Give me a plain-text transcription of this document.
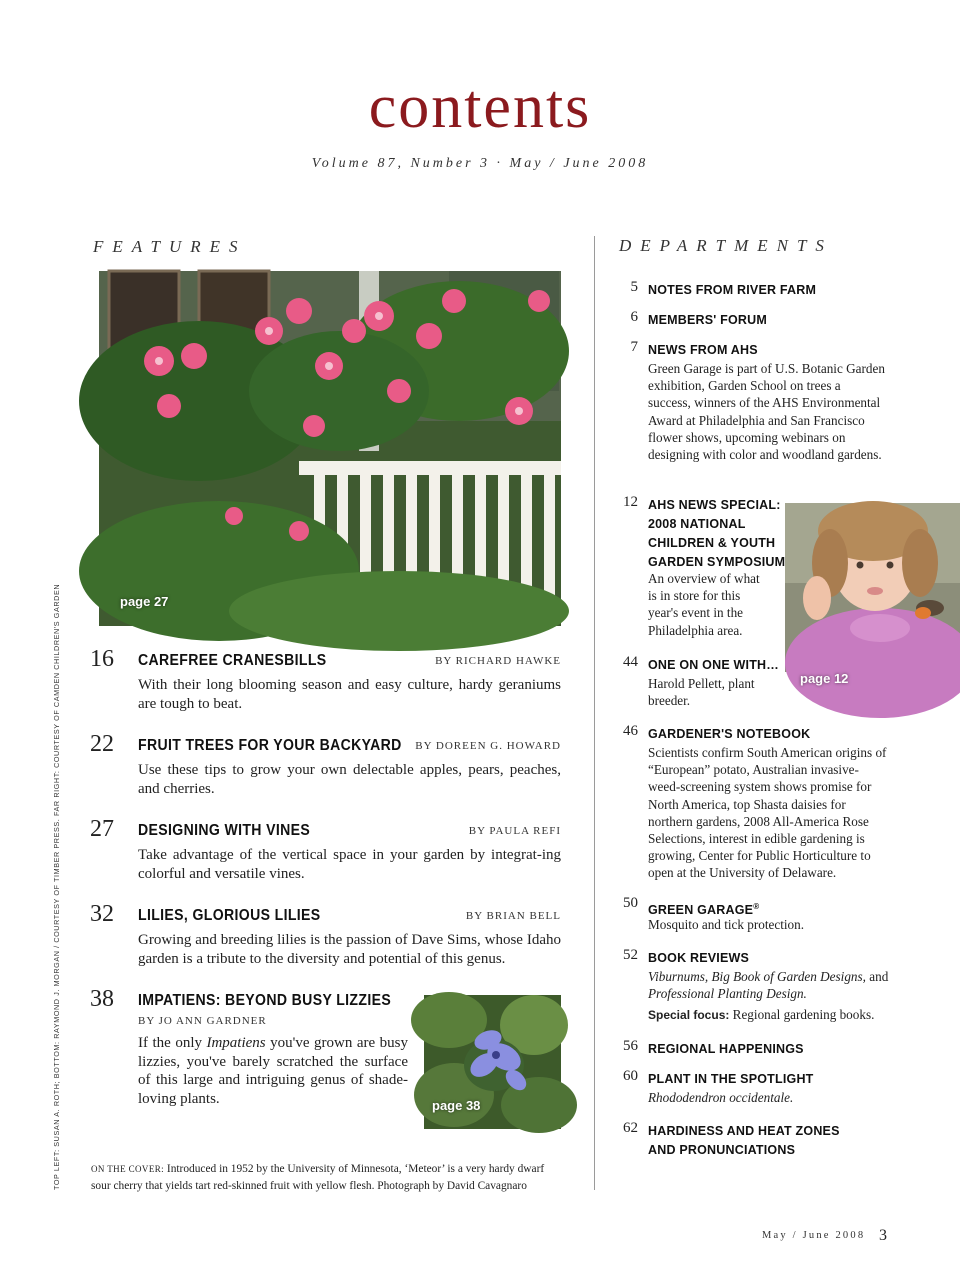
contents
Volume 87, Number 3 · May / June 2008
TOP LEFT: SUSAN A. ROTH; BOTTOM: RAYMOND J. MORGAN / COURTESY OF TIMBER PRESS. FAR RIGHT: COURTESY OF CAMDEN CHILDREN'S GARDEN
FEATURES	DEPARTMENTS
page 27
16 CAREFREE CRANESBILLS	BY RICHARD HAWKE
With their long blooming season and easy culture, hardy geraniums are tough to beat.
22 FRUIT TREES FOR YOUR BACKYARD BY DOREEN G. HOWARD
Use these tips to grow your own delectable apples, pears, peaches, and cherries.
27 DESIGNING WITH VINES	BY PAULA REFI
Take advantage of the vertical space in your garden by integrat-ing colorful and versatile vines.
32 LILIES, GLORIOUS LILIES	BY BRIAN BELL
Growing and breeding lilies is the passion of Dave Sims, whose Idaho garden is a tribute to the diversity and potential of this genus.
38 IMPATIENS: BEYOND BUSY LIZZIES
BY JO ANN GARDNER
If the only Impatiens you've grown are busy lizzies, you've barely scratched the surface of this large and intriguing genus of shade-loving plants.	page 38
ON THE COVER: Introduced in 1952 by the University of Minnesota, ‘Meteor’ is a very hardy dwarf sour cherry that yields tart red-skinned fruit with yellow flesh. Photograph by David Cavagnaro
5 NOTES FROM RIVER FARM
6 MEMBERS' FORUM
7 NEWS FROM AHS
Green Garage is part of U.S. Botanic Garden exhibition, Garden School on trees a success, winners of the AHS Environmental Award at Philadelphia and San Francisco flower shows, upcoming webinars on designing with color and woodland gardens.
12 AHS NEWS SPECIAL:
2008 NATIONAL
CHILDREN & YOUTH
GARDEN SYMPOSIUM
An overview of what is in store for this year's event in the Philadelphia area.
page 12
44 ONE ON ONE WITH…
Harold Pellett, plant breeder.
46 GARDENER'S NOTEBOOK
Scientists confirm South American origins of “European” potato, Australian invasive-weed-screening system shows promise for North America, top Shasta daisies for northern gardens, 2008 All-America Rose Selections, interest in edible gardening is growing, Center for Public Horticulture to open at the University of Delaware.
50 GREEN GARAGE®
Mosquito and tick protection.
52 BOOK REVIEWS
Viburnums, Big Book of Garden Designs, and Professional Planting Design.
Special focus: Regional gardening books.
56 REGIONAL HAPPENINGS
60 PLANT IN THE SPOTLIGHT
Rhododendron occidentale.
62 HARDINESS AND HEAT ZONES
AND PRONUNCIATIONS
May / June 2008 3
